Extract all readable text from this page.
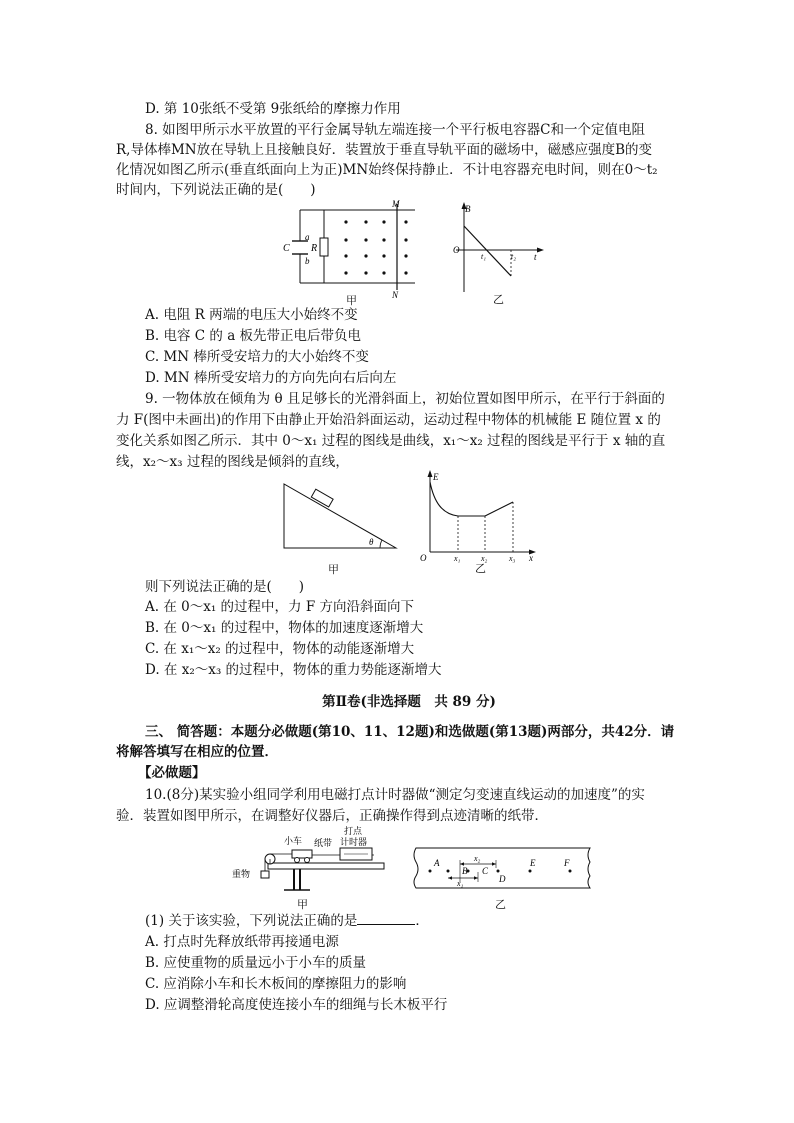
D. 第 10张纸不受第 9张纸给的摩擦力作用
8. 如图甲所示水平放置的平行金属导轨左端连接一个平行板电容器C和一个定值电阻
R,导体棒MN放在导轨上且接触良好．装置放于垂直导轨平面的磁场中，磁感应强度B的变
化情况如图乙所示(垂直纸面向上为正)MN始终保持静止．不计电容器充电时间，则在0～t₂
时间内，下列说法正确的是(　　)
C
a
b
R
M
N
甲
B
O
t₁	t₂ t
乙
A. 电阻 R 两端的电压大小始终不变
B. 电容 C 的 a 板先带正电后带负电
C. MN 棒所受安培力的大小始终不变
D. MN 棒所受安培力的方向先向右后向左
9. 一物体放在倾角为 θ 且足够长的光滑斜面上，初始位置如图甲所示，在平行于斜面的
力 F(图中未画出)的作用下由静止开始沿斜面运动，运动过程中物体的机械能 E 随位置 x 的
变化关系如图乙所示．其中 0～x₁ 过程的图线是曲线，x₁～x₂ 过程的图线是平行于 x 轴的直
线，x₂～x₃ 过程的图线是倾斜的直线，
θ
甲
E
O	x₁	x₂	x₃ x
乙
则下列说法正确的是(　　)
A. 在 0～x₁ 的过程中，力 F 方向沿斜面向下
B. 在 0～x₁ 的过程中，物体的加速度逐渐增大
C. 在 x₁～x₂ 的过程中，物体的动能逐渐增大
D. 在 x₂～x₃ 的过程中，物体的重力势能逐渐增大
第Ⅱ卷(非选择题　共 89 分)
三、 简答题：本题分必做题(第10、11、12题)和选做题(第13题)两部分，共42分．请
将解答填写在相应的位置．
【必做题】
10.(8分)某实验小组同学利用电磁打点计时器做“测定匀变速直线运动的加速度”的实
验．装置如图甲所示，在调整好仪器后，正确操作得到点迹清晰的纸带．
小车 纸带
打点
计时器
重物
甲
A
B C
D
E	F
x₂
x₁
乙
(1) 关于该实验，下列说法正确的是	．
A. 打点时先释放纸带再接通电源
B. 应使重物的质量远小于小车的质量
C. 应消除小车和长木板间的摩擦阻力的影响
D. 应调整滑轮高度使连接小车的细绳与长木板平行
